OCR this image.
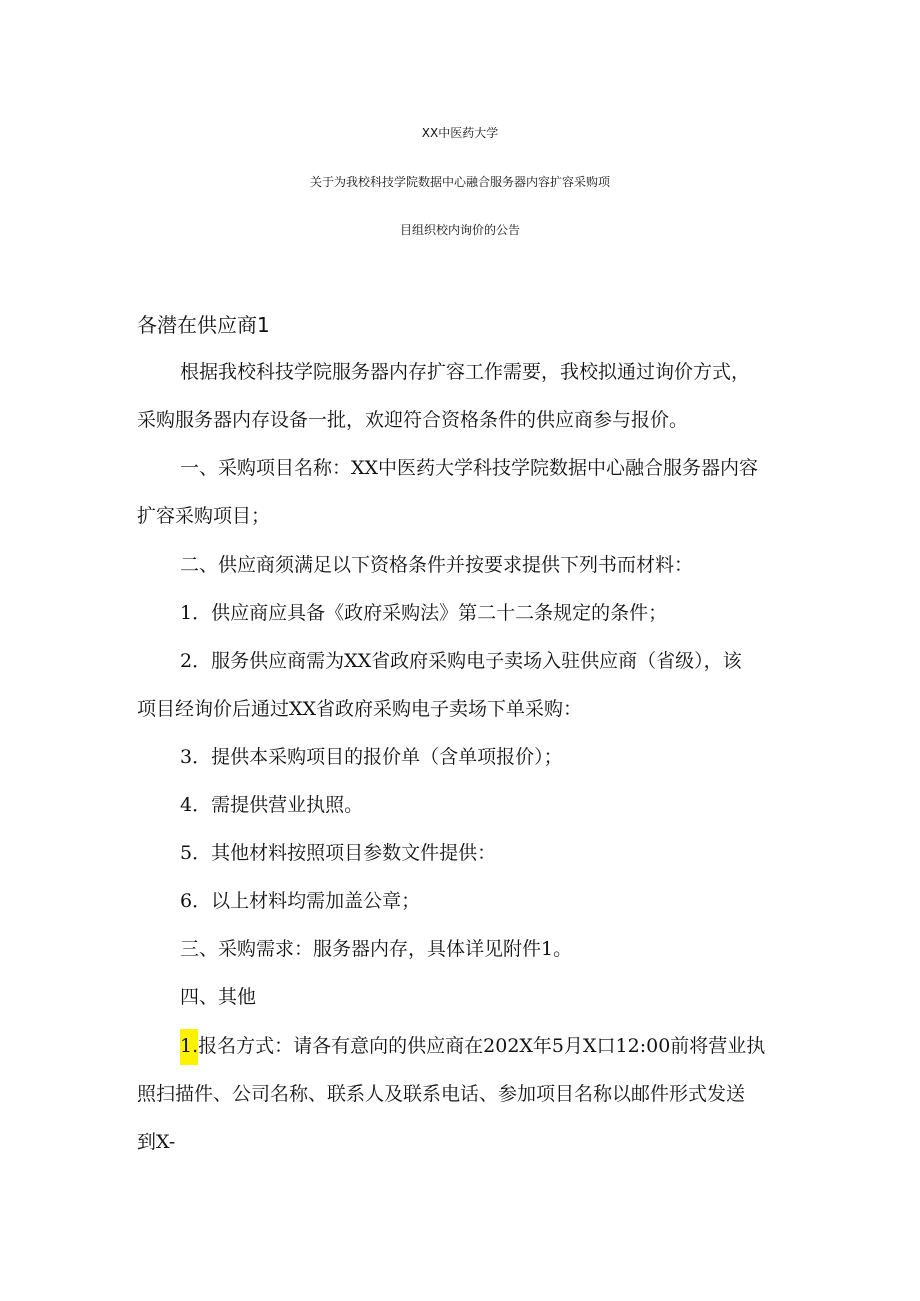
XX中医药大学
关于为我校科技学院数据中心融合服务器内容扩容采购项
目组织校内询价的公告
各潜在供应商1
根据我校科技学院服务器内存扩容工作需要，我校拟通过询价方式，
采购服务器内存设备一批，欢迎符合资格条件的供应商参与报价。
一、采购项目名称：XX中医药大学科技学院数据中心融合服务器内容
扩容采购项目；
二、供应商须满足以下资格条件并按要求提供下列书而材料：
1．供应商应具备《政府采购法》第二十二条规定的条件；
2．服务供应商需为XX省政府采购电子卖场入驻供应商（省级），该
项目经询价后通过XX省政府采购电子卖场下单采购：
3．提供本采购项目的报价单（含单项报价）；
4．需提供营业执照。
5．其他材料按照项目参数文件提供：
6．以上材料均需加盖公章；
三、采购需求：服务器内存，具体详见附件1。
四、其他
1.报名方式：请各有意向的供应商在202X年5月X口12:00前将营业执
照扫描件、公司名称、联系人及联系电话、参加项目名称以邮件形式发送
到X-
